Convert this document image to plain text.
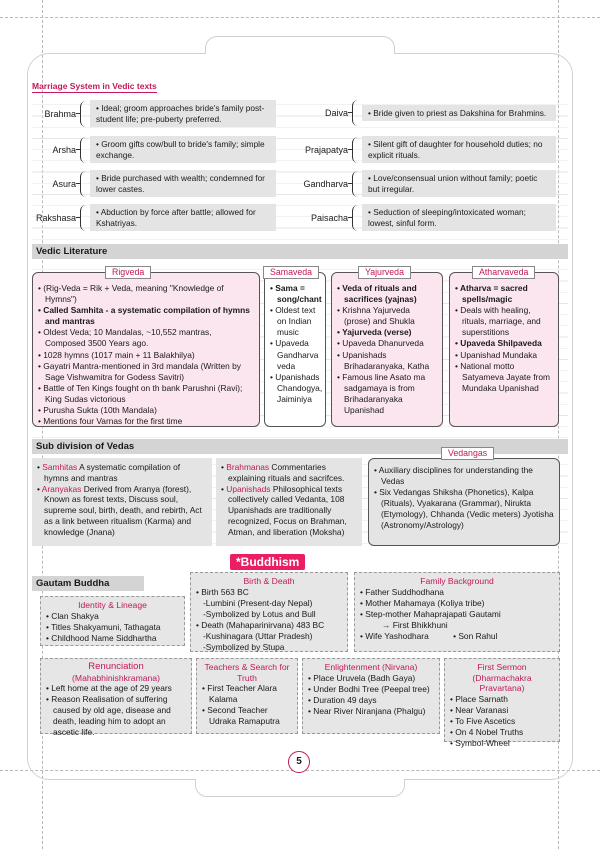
Marriage System in Vedic texts
Brahma
• Ideal; groom approaches bride's family post-student life; pre-puberty preferred.
Arsha
• Groom gifts cow/bull to bride's family; simple exchange.
Asura
• Bride purchased with wealth; condemned for lower castes.
Rakshasa
• Abduction by force after battle; allowed for Kshatriyas.
Daiva	• Bride given to priest as Dakshina for Brahmins.
Prajapatya
• Silent gift of daughter for household duties; no explicit rituals.
Gandharva
• Love/consensual union without family; poetic but irregular.
Paisacha
• Seduction of sleeping/intoxicated woman; lowest, sinful form.
Vedic Literature
Rigveda
• (Rig-Veda = Rik + Veda, meaning "Knowledge of Hymns")
• Called Samhita - a systematic compilation of hymns and mantras
• Oldest Veda; 10 Mandalas, ~10,552 mantras, Composed 3500 Years ago.
• 1028 hymns (1017 main + 11 Balakhilya)
• Gayatri Mantra-mentioned in 3rd mandala (Written by Sage Vishwamitra for Godess Savitri)
• Battle of Ten Kings fought on th bank Parushni (Ravi); King Sudas victorious
• Purusha Sukta (10th Mandala)
• Mentions four Varnas for the first time
Samaveda
• Sama = song/chant
• Oldest text on Indian music
• Upaveda Gandharva veda
• Upanishads Chandogya, Jaiminiya
Yajurveda
• Veda of rituals and sacrifices (yajnas)
• Krishna Yajurveda (prose) and Shukla
• Yajurveda (verse)
• Upaveda Dhanurveda
• Upanishads Brihadaranyaka, Katha
• Famous line Asato ma sadgamaya is from Brihadaranyaka Upanishad
Atharvaveda
• Atharva = sacred spells/magic
• Deals with healing, rituals, marriage, and superstitions
• Upaveda Shilpaveda
• Upanishad Mundaka
• National motto Satyameva Jayate from Mundaka Upanishad
Sub division of Vedas
• Samhitas A systematic compilation of hymns and mantras
• Aranyakas Derived from Aranya (forest), Known as forest texts, Discuss soul, supreme soul, birth, death, and rebirth, Act as a link between ritualism (Karma) and knowledge (Jnana)
• Brahmanas Commentaries explaining rituals and sacrifces.
• Upanishads Philosophical texts collectively called Vedanta, 108 Upanishads are traditionally recognized, Focus on Brahman, Atman, and liberation (Moksha)
Vedangas
• Auxiliary disciplines for understanding the Vedas
• Six Vedangas Shiksha (Phonetics), Kalpa (Rituals), Vyakarana (Grammar), Nirukta (Etymology), Chhanda (Vedic meters) Jyotisha (Astronomy/Astrology)
*Buddhism
Gautam Buddha
Identity & Lineage
• Clan Shakya
• Titles Shakyamuni, Tathagata
• Childhood Name Siddhartha
Birth & Death
• Birth 563 BC
-Lumbini (Present-day Nepal)
-Symbolized by Lotus and Bull
• Death (Mahaparinirvana) 483 BC
-Kushinagara (Uttar Pradesh)
-Symbolized by Stupa
Family Background
• Father Suddhodhana
• Mother Mahamaya (Koliya tribe)
• Step-mother Mahaprajapati Gautami
→ First Bhikkhuni
• Wife Yashodhara	• Son Rahul
Renunciation
(Mahabhinishkramana)
• Left home at the age of 29 years
• Reason Realisation of suffering caused by old age, disease and death, leading him to adopt an ascetic life.
Teachers & Search for Truth
• First Teacher Alara Kalama
• Second Teacher Udraka Ramaputra
Enlightenment (Nirvana)
• Place Uruvela (Badh Gaya)
• Under Bodhi Tree (Peepal tree)
• Duration 49 days
• Near River Niranjana (Phalgu)
First Sermon
(Dharmachakra Pravartana)
• Place Sarnath
• Near Varanasi
• To Five Ascetics
• On 4 Nobel Truths
• Symbol-Wheel
5
